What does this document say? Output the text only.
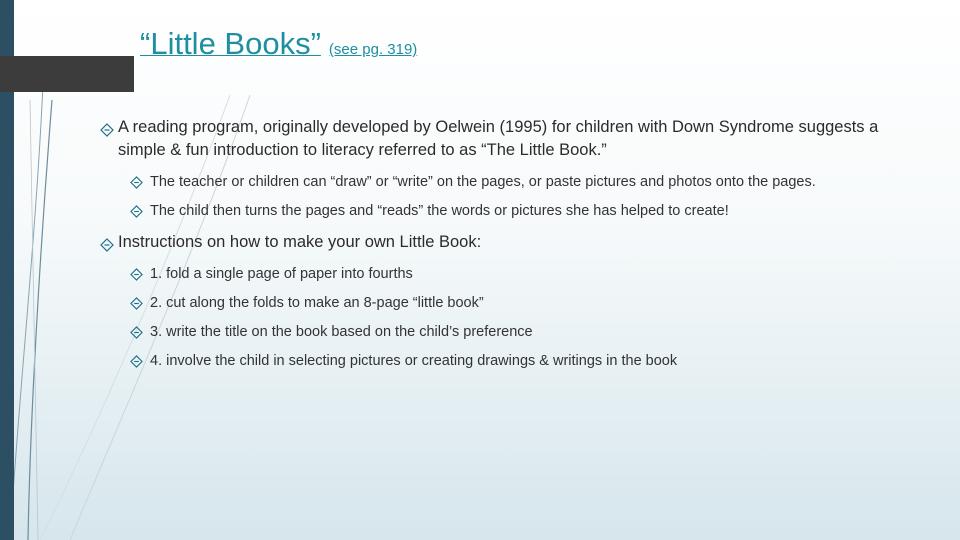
“Little Books” (see pg. 319)
A reading program, originally developed by Oelwein (1995) for children with Down Syndrome suggests a simple & fun introduction to literacy referred to as “The Little Book.”
The teacher or children can “draw” or “write” on the pages, or paste pictures and photos onto the pages.
The child then turns the pages and “reads” the words or pictures she has helped to create!
Instructions on how to make your own Little Book:
1. fold a single page of paper into fourths
2. cut along the folds to make an 8-page “little book”
3. write the title on the book based on the child’s preference
4. involve the child in selecting pictures or creating drawings & writings in the book
